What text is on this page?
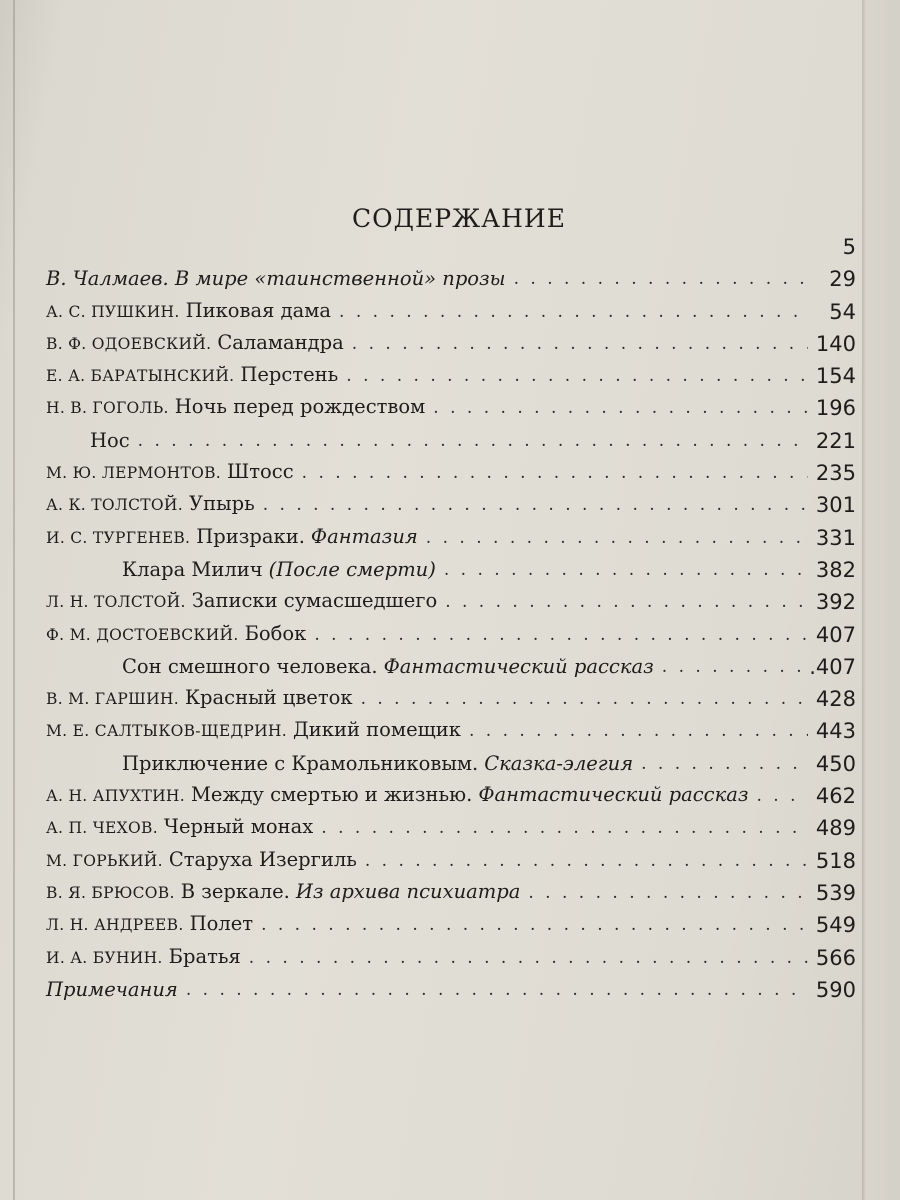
СОДЕРЖАНИЕ
5
В. Чалмаев. В мире «таинственной» прозы . . .	29
А. С. ПУШКИН. Пиковая дама . . .	54
В. Ф. ОДОЕВСКИЙ. Саламандра . . .	140
Е. А. БАРАТЫНСКИЙ. Перстень . . .	154
Н. В. ГОГОЛЬ. Ночь перед рождеством . . .	196
Нос . . .	221
М. Ю. ЛЕРМОНТОВ. Штосс . . .	235
А. К. ТОЛСТОЙ. Упырь . . .	301
И. С. ТУРГЕНЕВ. Призраки. Фантазия . . .	331
Клара Милич (После смерти) . . .	382
Л. Н. ТОЛСТОЙ. Записки сумасшедшего . . .	392
Ф. М. ДОСТОЕВСКИЙ. Бобок . . .	407
Сон смешного человека. Фантастический рассказ . . .	.407
В. М. ГАРШИН. Красный цветок . . .	428
М. Е. САЛТЫКОВ-ЩЕДРИН. Дикий помещик . . .	443
Приключение с Крамольниковым. Сказка-элегия . . .	450
А. Н. АПУХТИН. Между смертью и жизнью. Фантастический рассказ . . .	462
А. П. ЧЕХОВ. Черный монах . . .	489
М. ГОРЬКИЙ. Старуха Изергиль . . .	518
В. Я. БРЮСОВ. В зеркале. Из архива психиатра . . .	539
Л. Н. АНДРЕЕВ. Полет . . .	549
И. А. БУНИН. Братья . . .	566
Примечания . . .	590
